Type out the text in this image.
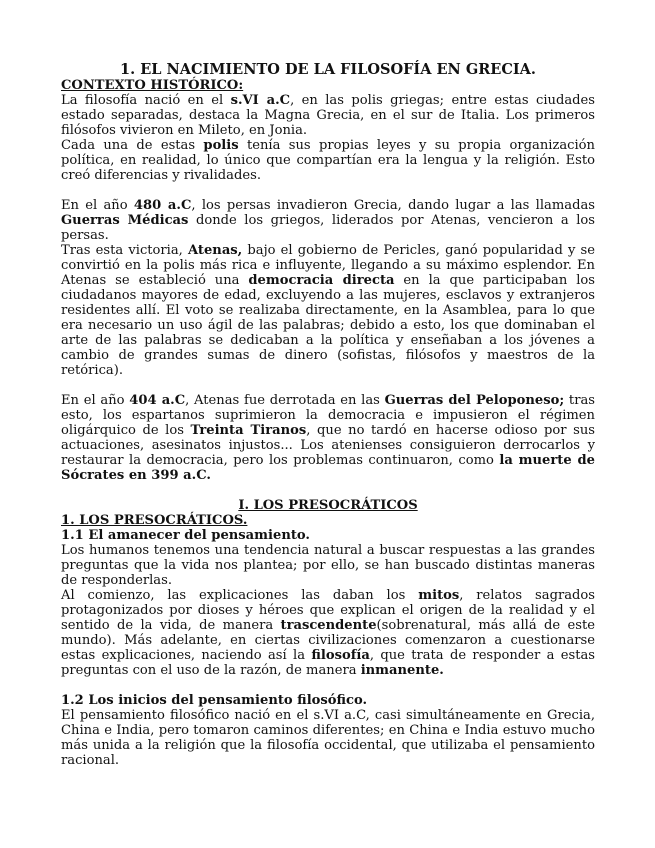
1. EL NACIMIENTO DE LA FILOSOFÍA EN GRECIA.

CONTEXTO HISTÓRICO:

La filosofía nació en el s.VI a.C, en las polis griegas; entre estas ciudades estado separadas, destaca la Magna Grecia, en el sur de Italia. Los primeros filósofos vivieron en Mileto, en Jonia.

Cada una de estas polis tenía sus propias leyes y su propia organización política, en realidad, lo único que compartían era la lengua y la religión. Esto creó diferencias y rivalidades.

En el año 480 a.C, los persas invadieron Grecia, dando lugar a las llamadas Guerras Médicas donde los griegos, liderados por Atenas, vencieron a los persas.

Tras esta victoria, Atenas, bajo el gobierno de Pericles, ganó popularidad y se convirtió en la polis más rica e influyente, llegando a su máximo esplendor. En Atenas se estableció una democracia directa en la que participaban los ciudadanos mayores de edad, excluyendo a las mujeres, esclavos y extranjeros residentes allí. El voto se realizaba directamente, en la Asamblea, para lo que era necesario un uso ágil de las palabras; debido a esto, los que dominaban el arte de las palabras se dedicaban a la política y enseñaban a los jóvenes a cambio de grandes sumas de dinero (sofistas, filósofos y maestros de la retórica).

En el año 404 a.C, Atenas fue derrotada en las Guerras del Peloponeso; tras esto, los espartanos suprimieron la democracia e impusieron el régimen oligárquico de los Treinta Tiranos, que no tardó en hacerse odioso por sus actuaciones, asesinatos injustos... Los atenienses consiguieron derrocarlos y restaurar la democracia, pero los problemas continuaron, como la muerte de Sócrates en 399 a.C.

I. LOS PRESOCRÁTICOS

1. LOS PRESOCRÁTICOS.

1.1 El amanecer del pensamiento.

Los humanos tenemos una tendencia natural a buscar respuestas a las grandes preguntas que la vida nos plantea; por ello, se han buscado distintas maneras de responderlas.

Al comienzo, las explicaciones las daban los mitos, relatos sagrados protagonizados por dioses y héroes que explican el origen de la realidad y el sentido de la vida, de manera trascendente(sobrenatural, más allá de este mundo). Más adelante, en ciertas civilizaciones comenzaron a cuestionarse estas explicaciones, naciendo así la filosofía, que trata de responder a estas preguntas con el uso de la razón, de manera inmanente.

1.2 Los inicios del pensamiento filosófico.

El pensamiento filosófico nació en el s.VI a.C, casi simultáneamente en Grecia, China e India, pero tomaron caminos diferentes; en China e India estuvo mucho más unida a la religión que la filosofía occidental, que utilizaba el pensamiento racional.
